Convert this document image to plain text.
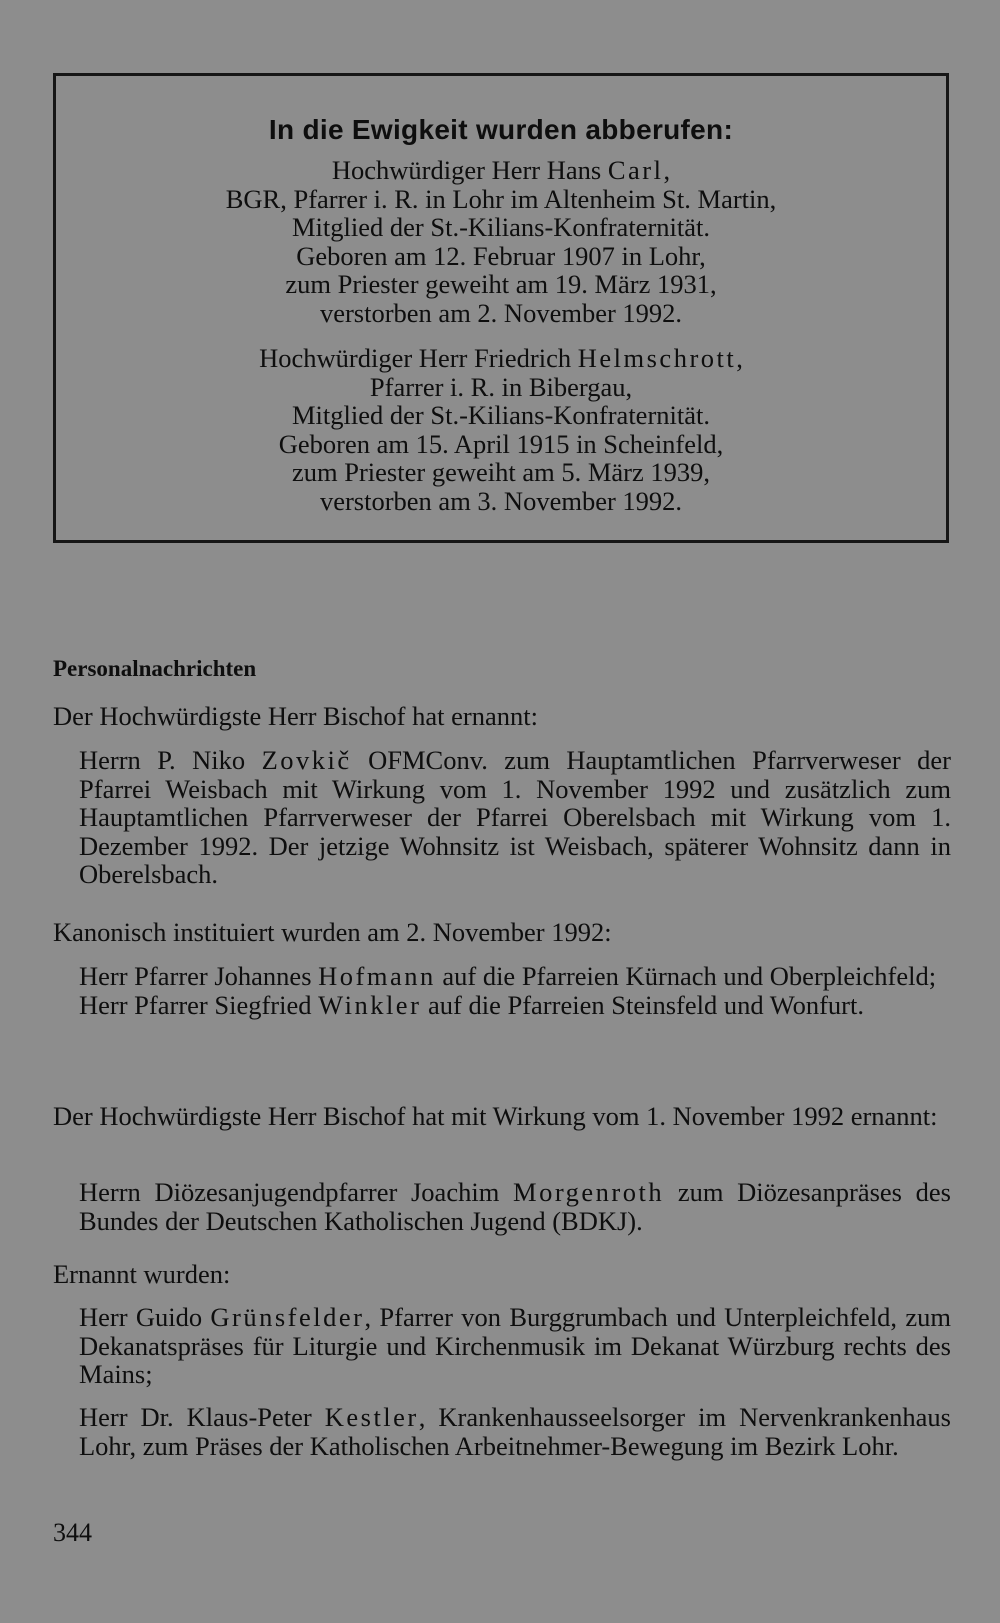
In die Ewigkeit wurden abberufen:
Hochwürdiger Herr Hans Carl,
BGR, Pfarrer i. R. in Lohr im Altenheim St. Martin,
Mitglied der St.-Kilians-Konfraternität.
Geboren am 12. Februar 1907 in Lohr,
zum Priester geweiht am 19. März 1931,
verstorben am 2. November 1992.
Hochwürdiger Herr Friedrich Helmschrott,
Pfarrer i. R. in Bibergau,
Mitglied der St.-Kilians-Konfraternität.
Geboren am 15. April 1915 in Scheinfeld,
zum Priester geweiht am 5. März 1939,
verstorben am 3. November 1992.
Personalnachrichten
Der Hochwürdigste Herr Bischof hat ernannt:
Herrn P. Niko Zovkič OFMConv. zum Hauptamtlichen Pfarrverweser der Pfarrei Weisbach mit Wirkung vom 1. November 1992 und zusätzlich zum Hauptamtlichen Pfarrverweser der Pfarrei Oberelsbach mit Wirkung vom 1. Dezember 1992. Der jetzige Wohnsitz ist Weisbach, späterer Wohnsitz dann in Oberelsbach.
Kanonisch instituiert wurden am 2. November 1992:
Herr Pfarrer Johannes Hofmann auf die Pfarreien Kürnach und Oberpleichfeld;
Herr Pfarrer Siegfried Winkler auf die Pfarreien Steinsfeld und Wonfurt.
Der Hochwürdigste Herr Bischof hat mit Wirkung vom 1. November 1992 ernannt:
Herrn Diözesanjugendpfarrer Joachim Morgenroth zum Diözesanpräses des Bundes der Deutschen Katholischen Jugend (BDKJ).
Ernannt wurden:
Herr Guido Grünsfelder, Pfarrer von Burggrumbach und Unterpleichfeld, zum Dekanatspräses für Liturgie und Kirchenmusik im Dekanat Würzburg rechts des Mains;
Herr Dr. Klaus-Peter Kestler, Krankenhausseelsorger im Nervenkrankenhaus Lohr, zum Präses der Katholischen Arbeitnehmer-Bewegung im Bezirk Lohr.
344
